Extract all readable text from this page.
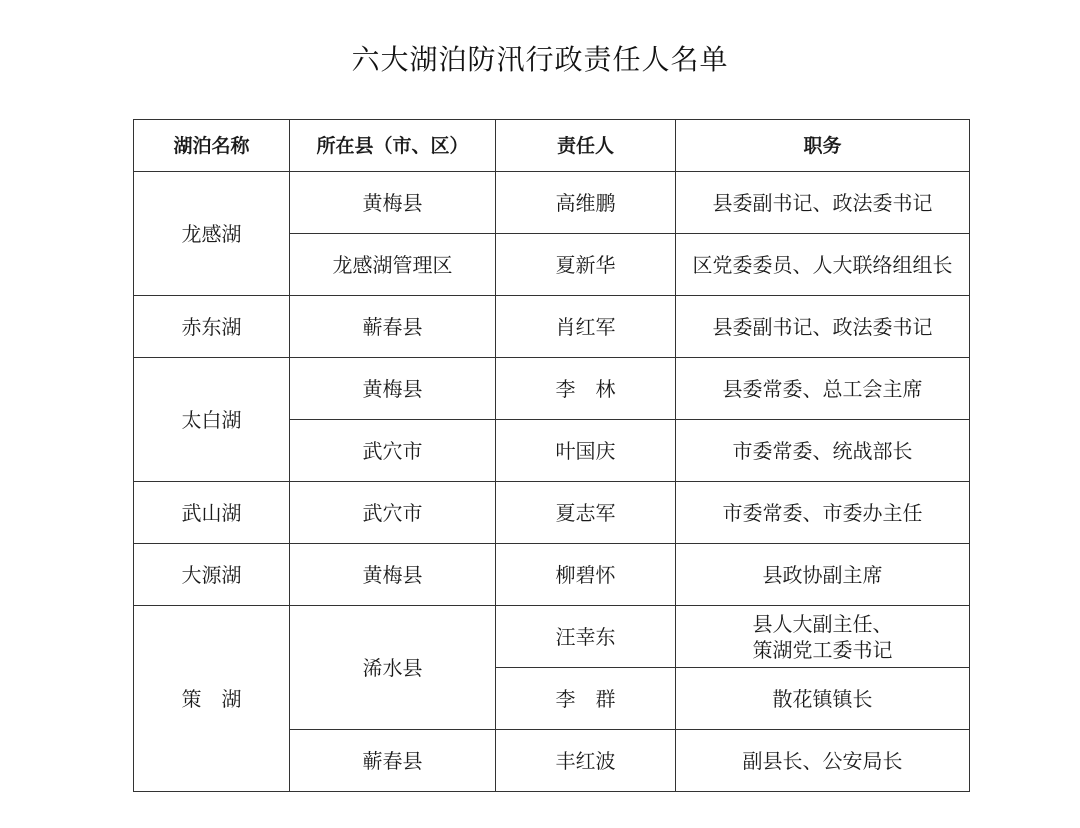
六大湖泊防汛行政责任人名单
湖泊名称	所在县（市、区）	责任人	职务
龙感湖	黄梅县	高维鹏	县委副书记、政法委书记
	龙感湖管理区	夏新华	区党委委员、人大联络组组长
赤东湖	蕲春县	肖红军	县委副书记、政法委书记
太白湖	黄梅县	李　林	县委常委、总工会主席
	武穴市	叶国庆	市委常委、统战部长
武山湖	武穴市	夏志军	市委常委、市委办主任
大源湖	黄梅县	柳碧怀	县政协副主席
策　湖	浠水县	汪幸东	县人大副主任、
策湖党工委书记
		李　群	散花镇镇长
	蕲春县	丰红波	副县长、公安局长
